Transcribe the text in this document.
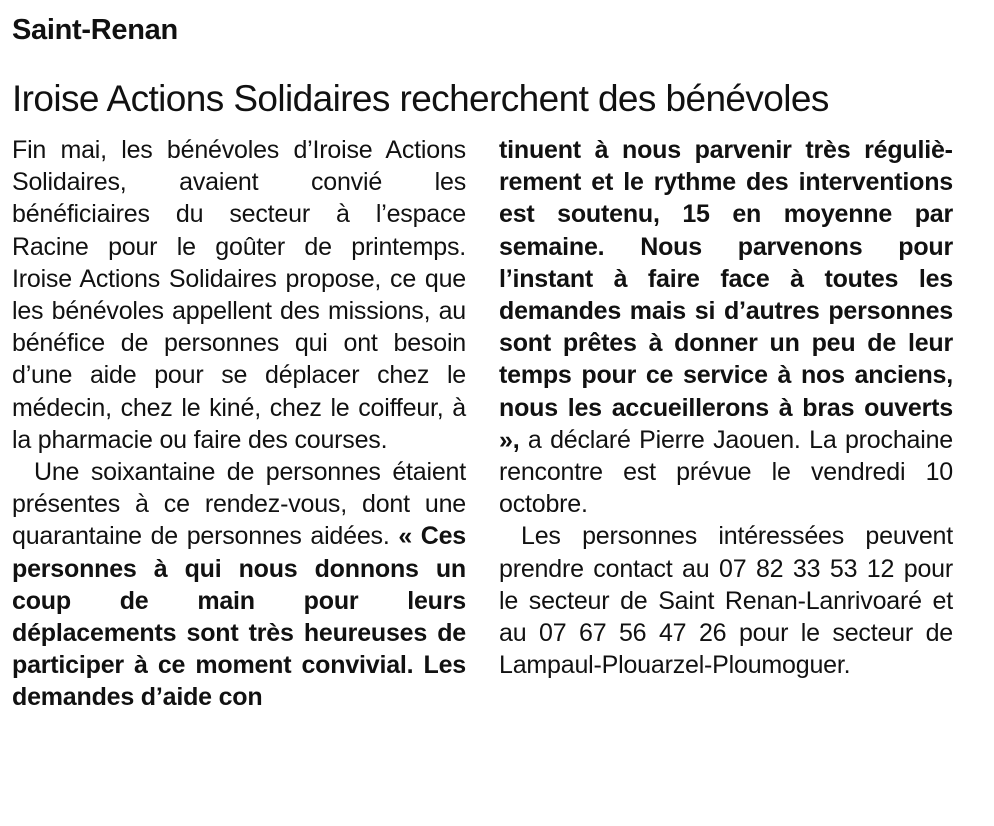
Saint-Renan
Iroise Actions Solidaires recherchent des bénévoles

Fin mai, les bénévoles d’Iroise Actions Solidaires, avaient convié les bénéficiaires du secteur à l’espace Racine pour le goûter de printemps. Iroise Actions Solidaires propose, ce que les bénévoles appellent des missions, au bénéfice de personnes qui ont besoin d’une aide pour se déplacer chez le médecin, chez le kiné, chez le coiffeur, à la pharmacie ou faire des courses.

Une soixantaine de personnes étaient présentes à ce rendez-vous, dont une quarantaine de personnes aidées. « Ces personnes à qui nous donnons un coup de main pour leurs déplacements sont très heureuses de participer à ce moment convivial. Les demandes d’aide con

tinuent à nous parvenir très régulièrement et le rythme des interventions est soutenu, 15 en moyenne par semaine. Nous parvenons pour l’instant à faire face à toutes les demandes mais si d’autres personnes sont prêtes à donner un peu de leur temps pour ce service à nos anciens, nous les accueillerons à bras ouverts », a déclaré Pierre Jaouen. La prochaine rencontre est prévue le vendredi 10 octobre.

Les personnes intéressées peuvent prendre contact au 07 82 33 53 12 pour le secteur de Saint Renan-Lanrivoaré et au 07 67 56 47 26 pour le secteur de Lampaul-Plouarzel-Ploumoguer.
